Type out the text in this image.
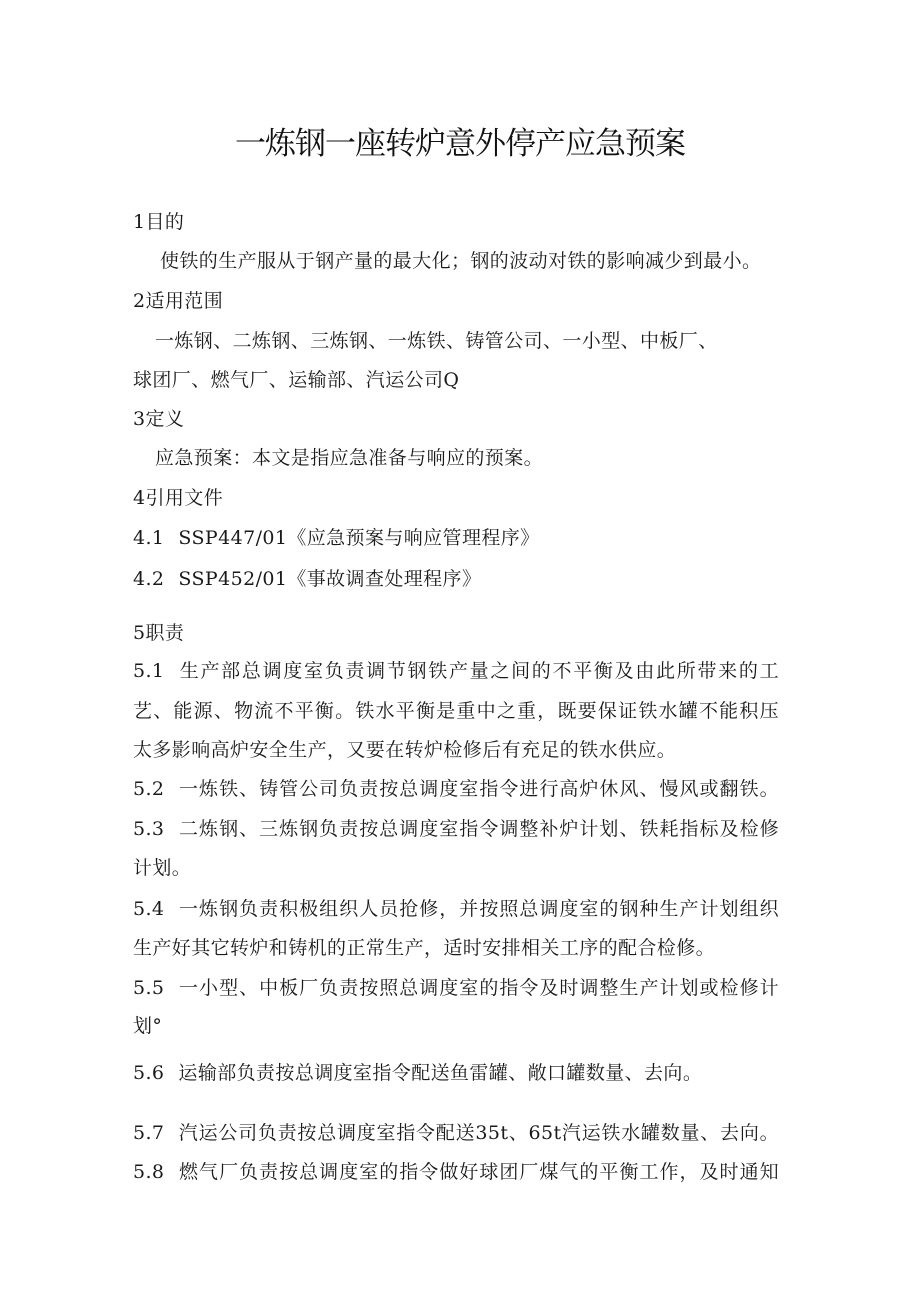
一炼钢一座转炉意外停产应急预案
1目的
使铁的生产服从于钢产量的最大化；钢的波动对铁的影响减少到最小。
2适用范围
一炼钢、二炼钢、三炼钢、一炼铁、铸管公司、一小型、中板厂、
球团厂、燃气厂、运输部、汽运公司Q
3定义
应急预案：本文是指应急准备与响应的预案。
4引用文件
4.1 SSP447/01《应急预案与响应管理程序》
4.2 SSP452/01《事故调查处理程序》
5职责
5.1 生产部总调度室负责调节钢铁产量之间的不平衡及由此所带来的工
艺、能源、物流不平衡。铁水平衡是重中之重，既要保证铁水罐不能积压
太多影响高炉安全生产，又要在转炉检修后有充足的铁水供应。
5.2 一炼铁、铸管公司负责按总调度室指令进行高炉休风、慢风或翻铁。
5.3 二炼钢、三炼钢负责按总调度室指令调整补炉计划、铁耗指标及检修
计划。
5.4 一炼钢负责积极组织人员抢修，并按照总调度室的钢种生产计划组织
生产好其它转炉和铸机的正常生产，适时安排相关工序的配合检修。
5.5 一小型、中板厂负责按照总调度室的指令及时调整生产计划或检修计
划°
5.6 运输部负责按总调度室指令配送鱼雷罐、敞口罐数量、去向。
5.7 汽运公司负责按总调度室指令配送35t、65t汽运铁水罐数量、去向。
5.8 燃气厂负责按总调度室的指令做好球团厂煤气的平衡工作，及时通知
